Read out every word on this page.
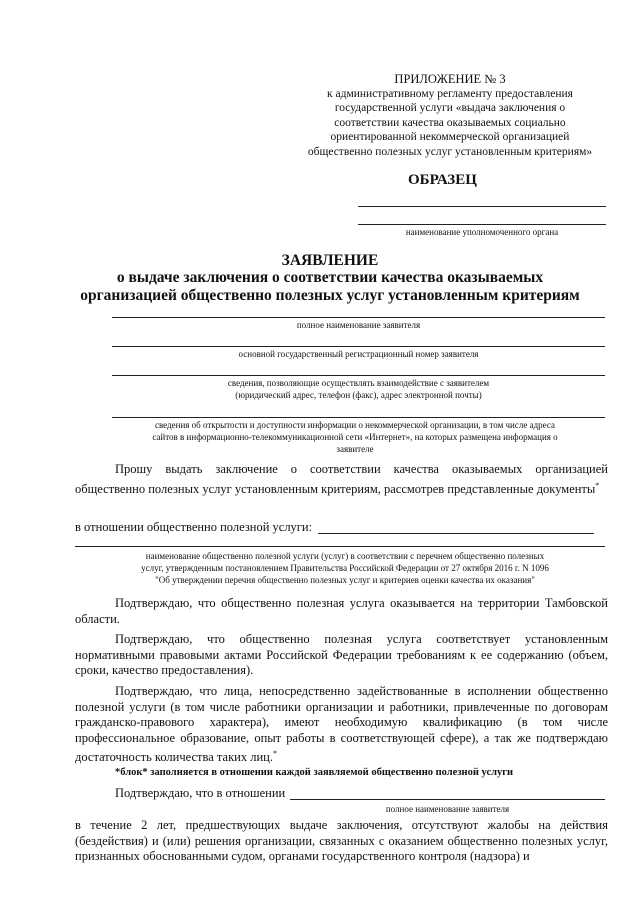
ПРИЛОЖЕНИЕ № 3
к административному регламенту предоставления
государственной услуги «выдача заключения о
соответствии качества оказываемых социально
ориентированной некоммерческой организацией
общественно полезных услуг установленным критериям»
ОБРАЗЕЦ
наименование уполномоченного органа
ЗАЯВЛЕНИЕ
о выдаче заключения о соответствии качества оказываемых
организацией общественно полезных услуг установленным критериям
полное наименование заявителя
основной государственный регистрационный номер заявителя
сведения, позволяющие осуществлять взаимодействие с заявителем
(юридический адрес, телефон (факс), адрес электронной почты)
сведения об открытости и доступности информации о некоммерческой организации, в том числе адреса
сайтов в информационно-телекоммуникационной сети «Интернет», на которых размещена информация о
заявителе
Прошу выдать заключение о соответствии качества оказываемых организацией общественно полезных услуг установленным критериям, рассмотрев представленные документы*
в отношении общественно полезной услуги:
наименование общественно полезной услуги (услуг) в соответствии с перечнем общественно полезных
услуг, утвержденным постановлением Правительства Российской Федерации от 27 октября 2016 г. N 1096
"Об утверждении перечня общественно полезных услуг и критериев оценки качества их оказания"
Подтверждаю, что общественно полезная услуга оказывается на территории Тамбовской области.
Подтверждаю, что общественно полезная услуга соответствует установленным нормативными правовыми актами Российской Федерации требованиям к ее содержанию (объем, сроки, качество предоставления).
Подтверждаю, что лица, непосредственно задействованные в исполнении общественно полезной услуги (в том числе работники организации и работники, привлеченные по договорам гражданско-правового характера), имеют необходимую квалификацию (в том числе профессиональное образование, опыт работы в соответствующей сфере), а так же подтверждаю достаточность количества таких лиц.*
*блок* заполняется в отношении каждой заявляемой общественно полезной услуги
Подтверждаю, что в отношении
полное наименование заявителя
в течение 2 лет, предшествующих выдаче заключения, отсутствуют жалобы на действия (бездействия) и (или) решения организации, связанных с оказанием общественно полезных услуг, признанных обоснованными судом, органами государственного контроля (надзора) и
